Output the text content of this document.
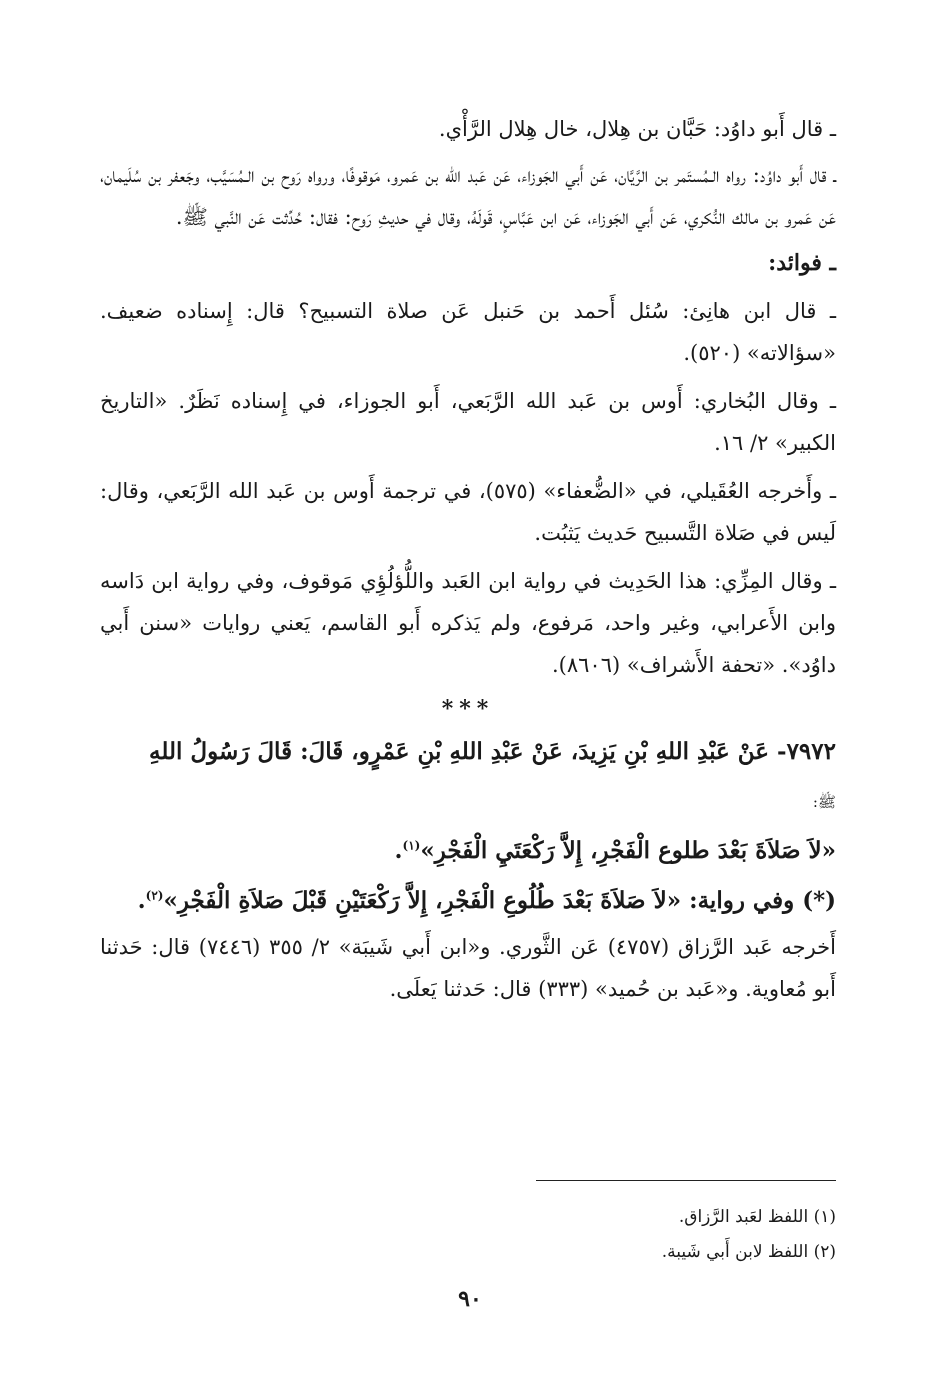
ـ قال أَبو داوُد: حَبَّان بن هِلال، خال هِلال الرَّأْي.

ـ قال أَبو داوُد: رواه الـمُستَمر بن الرَّيَّان، عَن أَبي الجَوزاء، عَن عَبد الله بن عَمرو، مَوقوفًا، ورواه رَوح بن الـمُسَيَّب، وجَعفر بن سُلَيمان، عَن عَمرو بن مالك النُّكري، عَن أَبي الجَوزاء، عَن ابن عَبَّاسٍ، قَولَهُ، وقال في حديثِ رَوح: فقال: حُدِّثت عَن النَّبي ﷺ.

ـ فوائد:

ـ قال ابن هانِئ: سُئل أَحمد بن حَنبل عَن صلاة التسبيح؟ قال: إِسناده ضعيف. «سؤالاته» (٥٢٠).

ـ وقال البُخاري: أَوس بن عَبد الله الرَّبَعي، أَبو الجوزاء، في إِسناده نَظَرٌ. «التاريخ الكبير» ٢/ ١٦.

ـ وأَخرجه العُقَيلي، في «الضُّعفاء» (٥٧٥)، في ترجمة أَوس بن عَبد الله الرَّبَعي، وقال: لَيس في صَلاة التَّسبيح حَديث يَثبُت.

ـ وقال المِزِّي: هذا الحَدِيث في رواية ابن العَبد واللُّؤلُؤِي مَوقوف، وفي رواية ابن دَاسه وابن الأَعرابي، وغير واحد، مَرفوع، ولم يَذكره أَبو القاسم، يَعني روايات «سنن أَبي داوُد». «تحفة الأَشراف» (٨٦٠٦).

***

٧٩٧٢- عَنْ عَبْدِ اللهِ بْنِ يَزِيدَ، عَنْ عَبْدِ اللهِ بْنِ عَمْرٍو، قَالَ: قَالَ رَسُولُ اللهِ
ﷺ:

«لاَ صَلاَةَ بَعْدَ طلوع الْفَجْرِ، إِلاَّ رَكْعَتَيِ الْفَجْرِ»$^{(١)}$.

(*) وفي رواية: «لاَ صَلاَةَ بَعْدَ طُلُوعِ الْفَجْرِ، إِلاَّ رَكْعَتَيْنِ قَبْلَ صَلاَةِ الْفَجْرِ»$^{(٢)}$.

أَخرجه عَبد الرَّزاق (٤٧٥٧) عَن الثَّوري. و«ابن أَبي شَيبَة» ٢/ ٣٥٥ (٧٤٤٦) قال: حَدثنا أَبو مُعاوية. و«عَبد بن حُميد» (٣٣٣) قال: حَدثنا يَعلَى.

(١) اللفظ لعَبد الرَّزاق.
(٢) اللفظ لابن أَبي شَيبة.
٩٠
